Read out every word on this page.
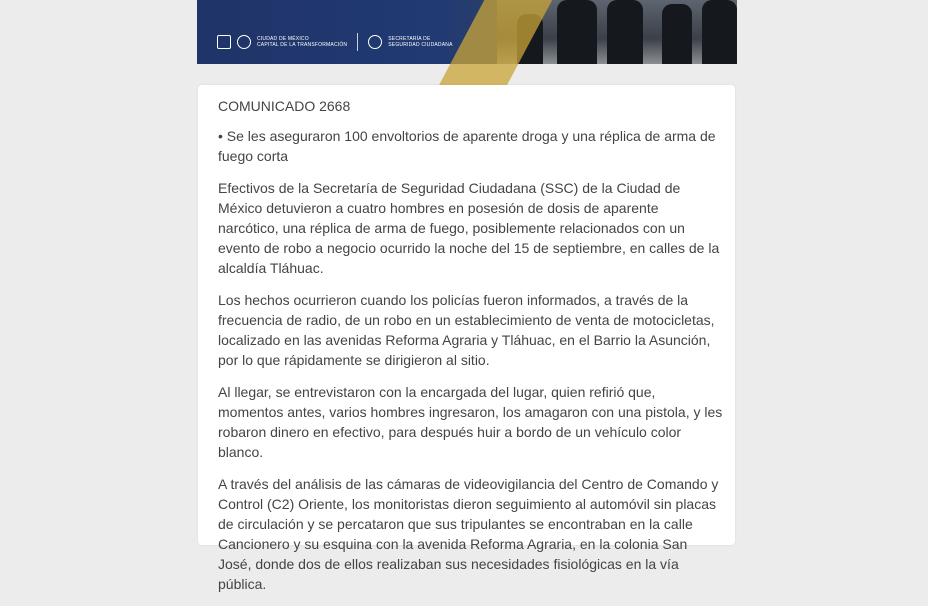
CIUDAD DE MÉXICO
CAPITAL DE LA TRANSFORMACIÓN
SECRETARÍA DE
SEGURIDAD CIUDADANA

COMUNICADO 2668

• Se les aseguraron 100 envoltorios de aparente droga y una réplica de arma de fuego corta

Efectivos de la Secretaría de Seguridad Ciudadana (SSC) de la Ciudad de México detuvieron a cuatro hombres en posesión de dosis de aparente narcótico, una réplica de arma de fuego, posiblemente relacionados con un evento de robo a negocio ocurrido la noche del 15 de septiembre, en calles de la alcaldía Tláhuac.

Los hechos ocurrieron cuando los policías fueron informados, a través de la frecuencia de radio, de un robo en un establecimiento de venta de motocicletas, localizado en las avenidas Reforma Agraria y Tláhuac, en el Barrio la Asunción, por lo que rápidamente se dirigieron al sitio.

Al llegar, se entrevistaron con la encargada del lugar, quien refirió que, momentos antes, varios hombres ingresaron, los amagaron con una pistola, y les robaron dinero en efectivo, para después huir a bordo de un vehículo color blanco.

A través del análisis de las cámaras de videovigilancia del Centro de Comando y Control (C2) Oriente, los monitoristas dieron seguimiento al automóvil sin placas de circulación y se percataron que sus tripulantes se encontraban en la calle Cancionero y su esquina con la avenida Reforma Agraria, en la colonia San José, donde dos de ellos realizaban sus necesidades fisiológicas en la vía pública.
